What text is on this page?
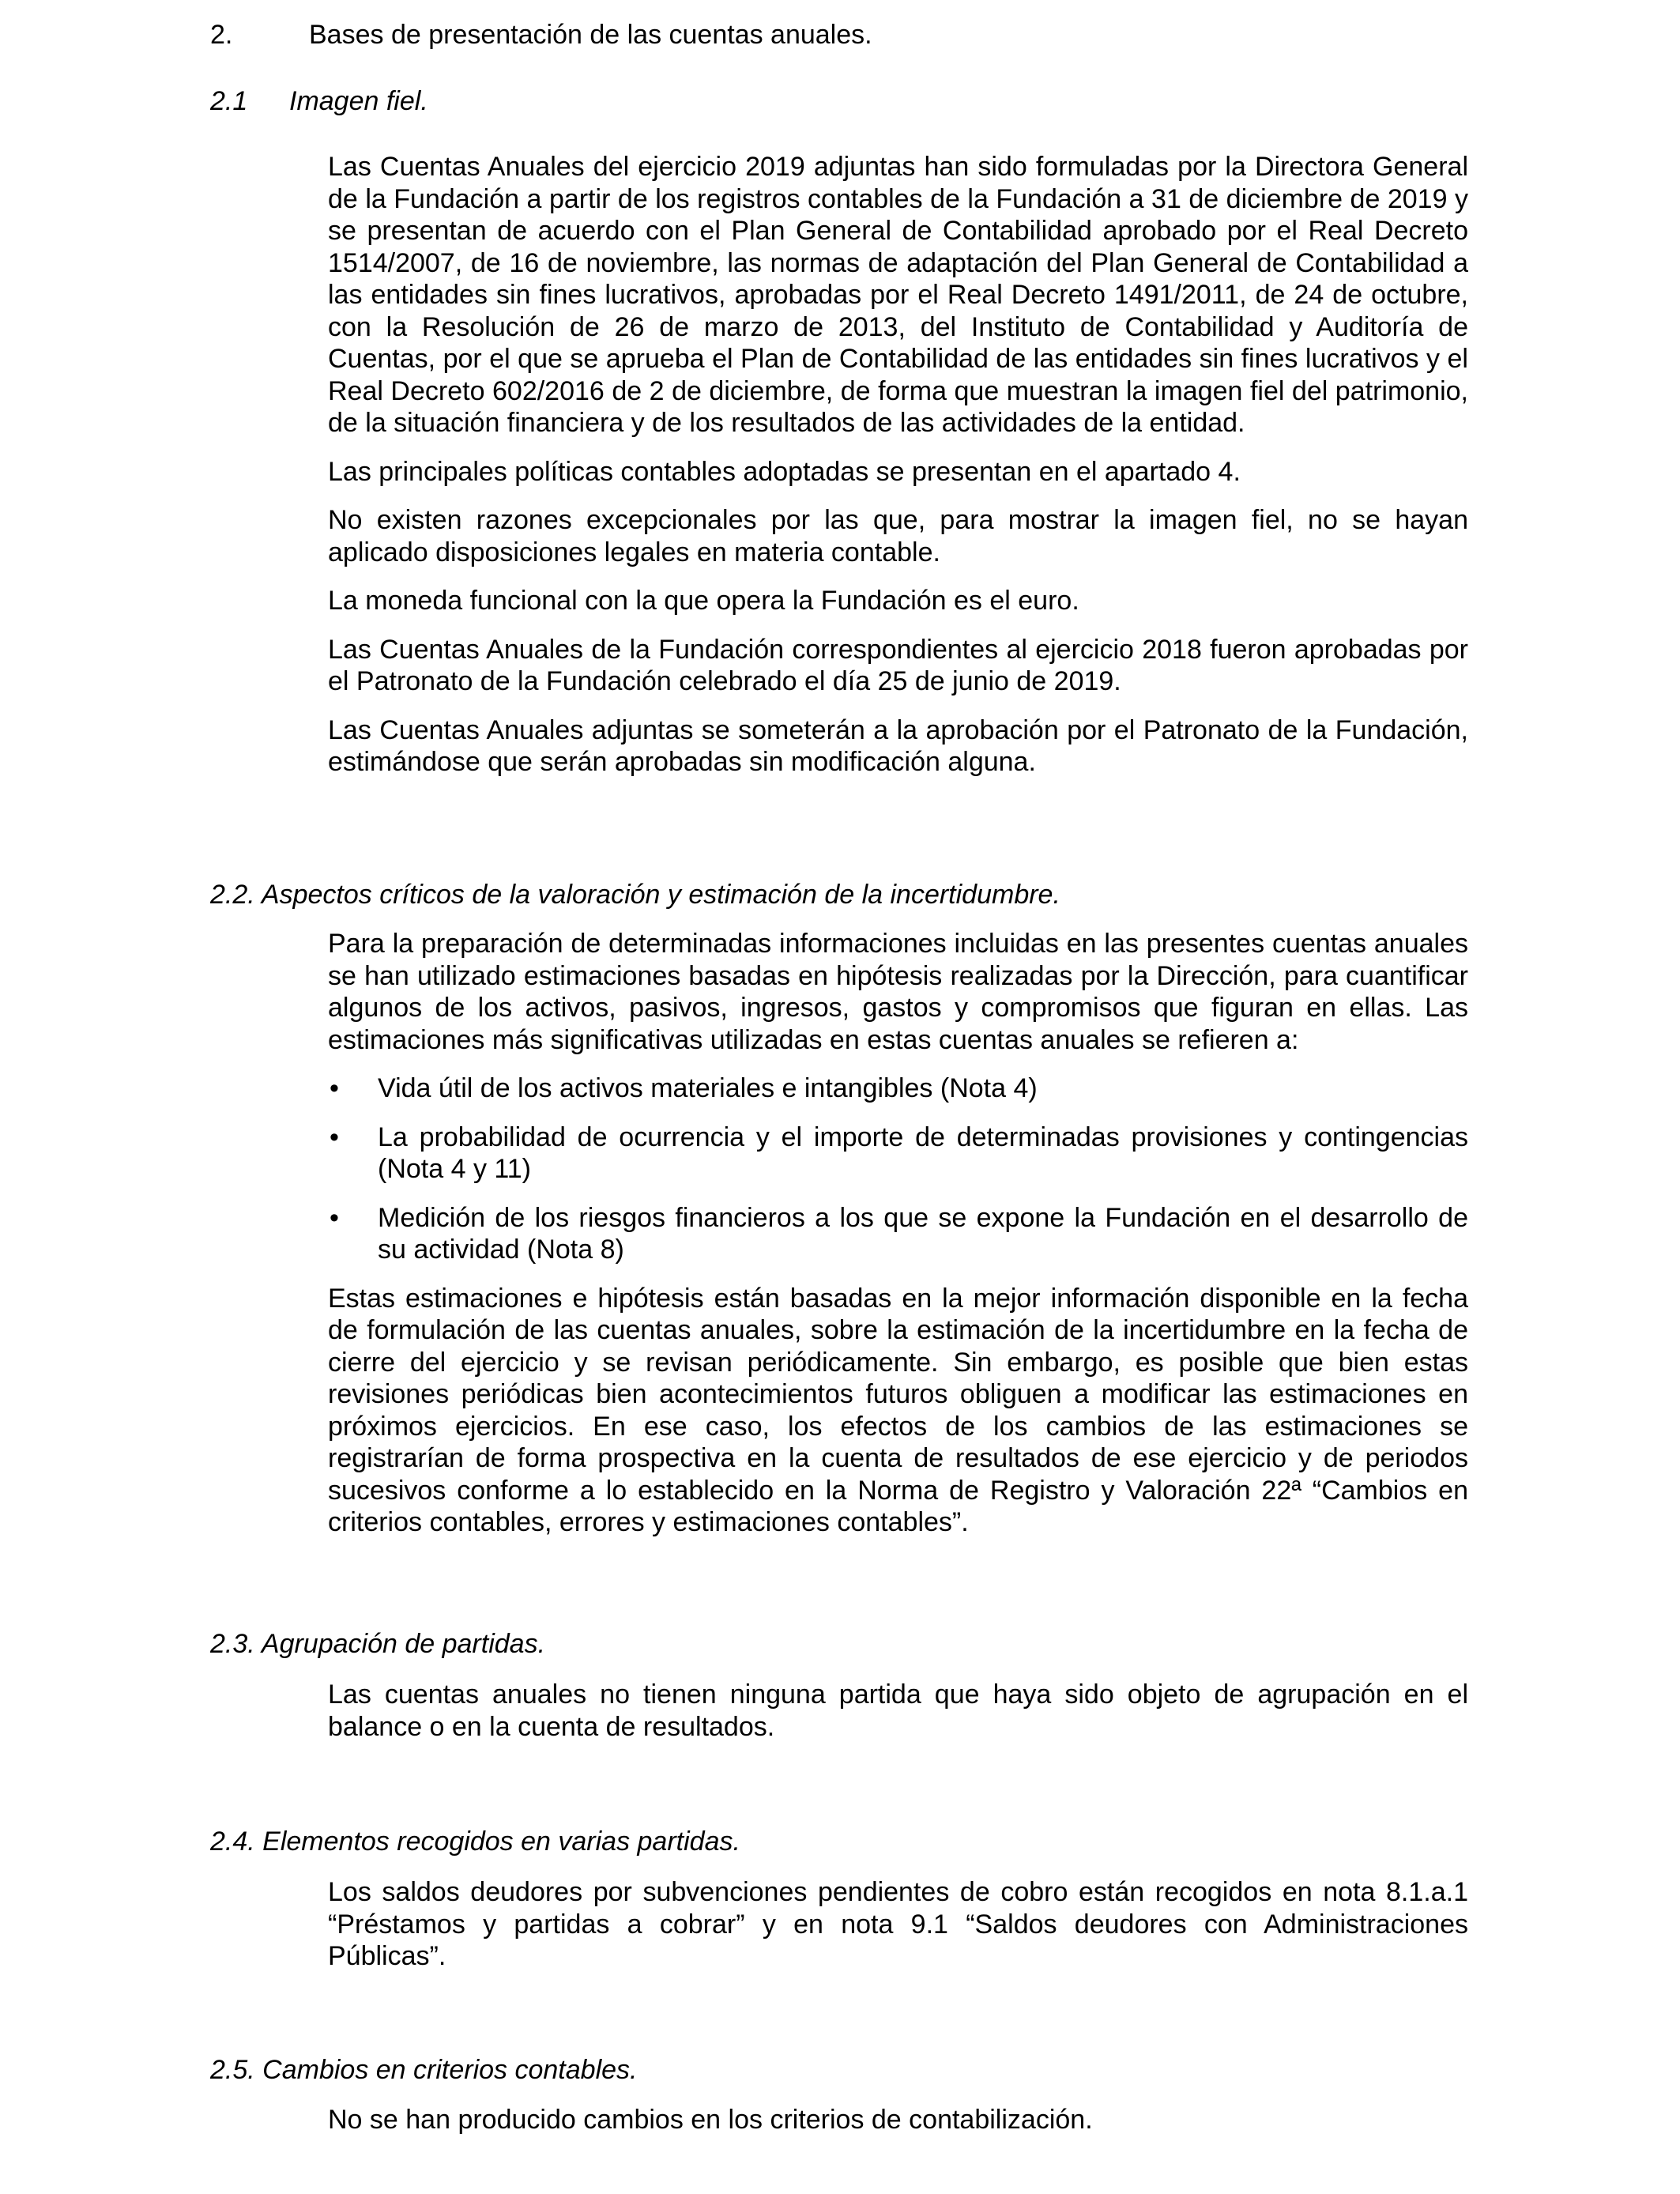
2.	Bases de presentación de las cuentas anuales.
2.1 Imagen fiel.

Las Cuentas Anuales del ejercicio 2019 adjuntas han sido formuladas por la Directora General de la Fundación a partir de los registros contables de la Fundación a 31 de diciembre de 2019 y se presentan de acuerdo con el Plan General de Contabilidad aprobado por el Real Decreto 1514/2007, de 16 de noviembre, las normas de adaptación del Plan General de Contabilidad a las entidades sin fines lucrativos, aprobadas por el Real Decreto 1491/2011, de 24 de octubre, con la Resolución de 26 de marzo de 2013, del Instituto de Contabilidad y Auditoría de Cuentas, por el que se aprueba el Plan de Contabilidad de las entidades sin fines lucrativos y el Real Decreto 602/2016 de 2 de diciembre, de forma que muestran la imagen fiel del patrimonio, de la situación financiera y de los resultados de las actividades de la entidad.

Las principales políticas contables adoptadas se presentan en el apartado 4.

No existen razones excepcionales por las que, para mostrar la imagen fiel, no se hayan aplicado disposiciones legales en materia contable.

La moneda funcional con la que opera la Fundación es el euro.

Las Cuentas Anuales de la Fundación correspondientes al ejercicio 2018 fueron aprobadas por el Patronato de la Fundación celebrado el día 25 de junio de 2019.

Las Cuentas Anuales adjuntas se someterán a la aprobación por el Patronato de la Fundación, estimándose que serán aprobadas sin modificación alguna.

2.2. Aspectos críticos de la valoración y estimación de la incertidumbre.

Para la preparación de determinadas informaciones incluidas en las presentes cuentas anuales se han utilizado estimaciones basadas en hipótesis realizadas por la Dirección, para cuantificar algunos de los activos, pasivos, ingresos, gastos y compromisos que figuran en ellas. Las estimaciones más significativas utilizadas en estas cuentas anuales se refieren a:

• Vida útil de los activos materiales e intangibles (Nota 4)
• La probabilidad de ocurrencia y el importe de determinadas provisiones y contingencias (Nota 4 y 11)
• Medición de los riesgos financieros a los que se expone la Fundación en el desarrollo de su actividad (Nota 8)

Estas estimaciones e hipótesis están basadas en la mejor información disponible en la fecha de formulación de las cuentas anuales, sobre la estimación de la incertidumbre en la fecha de cierre del ejercicio y se revisan periódicamente. Sin embargo, es posible que bien estas revisiones periódicas bien acontecimientos futuros obliguen a modificar las estimaciones en próximos ejercicios. En ese caso, los efectos de los cambios de las estimaciones se registrarían de forma prospectiva en la cuenta de resultados de ese ejercicio y de periodos sucesivos conforme a lo establecido en la Norma de Registro y Valoración 22ª “Cambios en criterios contables, errores y estimaciones contables”.

2.3. Agrupación de partidas.

Las cuentas anuales no tienen ninguna partida que haya sido objeto de agrupación en el balance o en la cuenta de resultados.

2.4. Elementos recogidos en varias partidas.

Los saldos deudores por subvenciones pendientes de cobro están recogidos en nota 8.1.a.1 “Préstamos y partidas a cobrar” y en nota 9.1 “Saldos deudores con Administraciones Públicas”.

2.5. Cambios en criterios contables.

No se han producido cambios en los criterios de contabilización.
